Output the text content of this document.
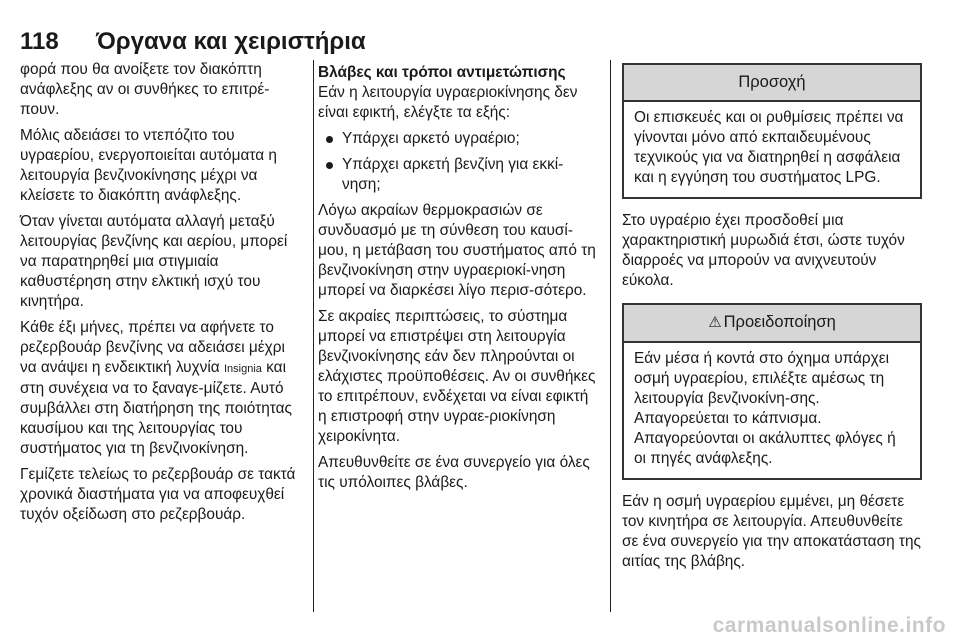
118	Όργανα και χειριστήρια

φορά που θα ανοίξετε τον διακόπτη ανάφλεξης αν οι συνθήκες το επιτρέ-πουν.

Μόλις αδειάσει το ντεπόζιτο του υγραερίου, ενεργοποιείται αυτόματα η λειτουργία βενζινοκίνησης μέχρι να κλείσετε το διακόπτη ανάφλεξης.

Όταν γίνεται αυτόματα αλλαγή μεταξύ λειτουργίας βενζίνης και αερίου, μπορεί να παρατηρηθεί μια στιγμιαία καθυστέρηση στην ελκτική ισχύ του κινητήρα.

Κάθε έξι μήνες, πρέπει να αφήνετε το ρεζερβουάρ βενζίνης να αδειάσει μέχρι να ανάψει η ενδεικτική λυχνία Insignia και στη συνέχεια να το ξαναγε-μίζετε. Αυτό συμβάλλει στη διατήρηση της ποιότητας καυσίμου και της λειτουργίας του συστήματος για τη βενζινοκίνηση.

Γεμίζετε τελείως το ρεζερβουάρ σε τακτά χρονικά διαστήματα για να αποφευχθεί τυχόν οξείδωση στο ρεζερβουάρ.

Βλάβες και τρόποι αντιμετώπισης

Εάν η λειτουργία υγραεριοκίνησης δεν είναι εφικτή, ελέγξτε τα εξής:

Υπάρχει αρκετό υγραέριο;
Υπάρχει αρκετή βενζίνη για εκκί-νηση;

Λόγω ακραίων θερμοκρασιών σε συνδυασμό με τη σύνθεση του καυσί-μου, η μετάβαση του συστήματος από τη βενζινοκίνηση στην υγραεριοκί-νηση μπορεί να διαρκέσει λίγο περισ-σότερο.

Σε ακραίες περιπτώσεις, το σύστημα μπορεί να επιστρέψει στη λειτουργία βενζινοκίνησης εάν δεν πληρούνται οι ελάχιστες προϋποθέσεις. Αν οι συνθήκες το επιτρέπουν, ενδέχεται να είναι εφικτή η επιστροφή στην υγραε-ριοκίνηση χειροκίνητα.

Απευθυνθείτε σε ένα συνεργείο για όλες τις υπόλοιπες βλάβες.

Προσοχή
Οι επισκευές και οι ρυθμίσεις πρέπει να γίνονται μόνο από εκπαιδευμένους τεχνικούς για να διατηρηθεί η ασφάλεια και η εγγύηση του συστήματος LPG.

Στο υγραέριο έχει προσδοθεί μια χαρακτηριστική μυρωδιά έτσι, ώστε τυχόν διαρροές να μπορούν να ανιχνευτούν εύκολα.

⚠ Προειδοποίηση
Εάν μέσα ή κοντά στο όχημα υπάρχει οσμή υγραερίου, επιλέξτε αμέσως τη λειτουργία βενζινοκίνη-σης. Απαγορεύεται το κάπνισμα. Απαγορεύονται οι ακάλυπτες φλόγες ή οι πηγές ανάφλεξης.

Εάν η οσμή υγραερίου εμμένει, μη θέσετε τον κινητήρα σε λειτουργία. Απευθυνθείτε σε ένα συνεργείο για την αποκατάσταση της αιτίας της βλάβης.

carmanualsonline.info
